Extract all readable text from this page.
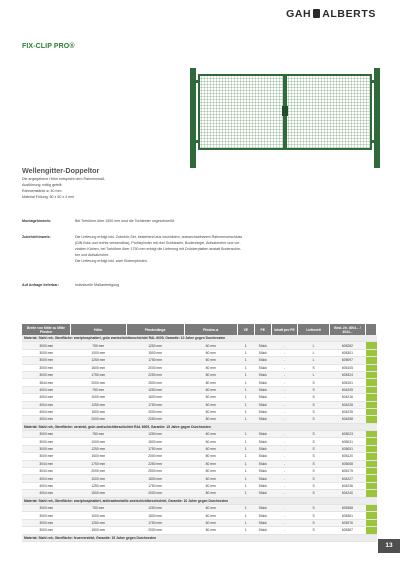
GAH ALBERTS
FIX-CLIP PRO®
Wellengitter-Doppeltor
Die angegebene Höhe entspricht dem Rahmenmaß.
Ausführung: mittig geteilt
Rahmenstärke ø: 40 mm
Material Füllung: 50 x 50 x 4 mm
Montagehinweis:	Bei Torhöhen über 1500 mm sind die Torbänder ungeschweißt.
Zubehörhinweis:	Die Lieferung erfolgt inkl. Zubehör-Set, bestehend aus verzinktem, auswechselbarem Rahmenverschluss
(DIN links und rechts verwendbar), Profilzylinder mit drei Schlüsseln, Bodenriegel, Aufsatzrohre und ver-
zinkten Kloben, bei Torhöhen über 1750 mm erfolgt die Lieferung mit Drückerplatten anstatt Bodenschie-
ber und Aufsatzrohre.
Die Lieferung erfolgt inkl. zwei Klobenpfosten.
Auf Anfrage lieferbar:	Individuelle Maßanfertigung
Breite von Mitte zu Mitte Pfosten	Höhe	Pfostenlänge	Pfosten-ø	VE	PE	Inhalt pro PE	Lieferzeit	Best.-Nr. 4004... / 4044...	
Material: Stahl roh, Oberfläche: zweiphosphatiert, grün zweischichtbeschichtet RAL 6005, Garantie: 10 Jahre gegen Durchrosten									
3000 mm	750 mm	1250 mm	60 mm	1	Stück	-	L	605282	

3000 mm	1000 mm	1500 mm	60 mm	1	Stück	-	L	605301	

3000 mm	1250 mm	1750 mm	60 mm	1	Stück	-	L	605097	

3000 mm	1500 mm	2000 mm	80 mm	1	Stück	-	S	605105	

3000 mm	1750 mm	2250 mm	80 mm	1	Stück	-	L	605324	

3544 mm	2000 mm	2500 mm	80 mm	1	Stück	-	S	605151	

4004 mm	750 mm	1250 mm	60 mm	1	Stück	-	S	604205	

4004 mm	1000 mm	1500 mm	60 mm	1	Stück	-	S	604216	

4004 mm	1250 mm	1750 mm	60 mm	1	Stück	-	S	604228	

4004 mm	1500 mm	2000 mm	80 mm	1	Stück	-	S	604235	

4004 mm	2000 mm	2250 mm	80 mm	1	Stück	-	S	604258	

Material: Stahl roh, Oberfläche: verzinkt, grün zweischichtbeschichtet RAL 6005, Garantie: 15 Jahre gegen Durchrosten									
3000 mm	750 mm	1250 mm	60 mm	1	Stück	-	S	605023	

3000 mm	1000 mm	1500 mm	60 mm	1	Stück	-	S	605031	

3000 mm	1250 mm	1750 mm	60 mm	1	Stück	-	S	605051	

3000 mm	1500 mm	2000 mm	80 mm	1	Stück	-	S	605120	

3044 mm	1750 mm	2250 mm	80 mm	1	Stück	-	S	605058	

3044 mm	2000 mm	2500 mm	80 mm	1	Stück	-	S	605175	

4004 mm	1000 mm	1500 mm	60 mm	1	Stück	-	S	604227	

4004 mm	1250 mm	1750 mm	60 mm	1	Stück	-	S	604236	

4004 mm	1500 mm	2000 mm	80 mm	1	Stück	-	S	604240	

Material: Stahl roh, Oberfläche: zweiphosphatiert, anthrazitmetallic zweischichtbeschichtet, Garantie: 10 Jahre gegen Durchrosten									
3000 mm	750 mm	1250 mm	60 mm	1	Stück	-	S	605368	

3000 mm	1000 mm	1500 mm	60 mm	1	Stück	-	S	605361	

3000 mm	1250 mm	1750 mm	60 mm	1	Stück	-	S	605376	

3000 mm	1500 mm	2000 mm	80 mm	1	Stück	-	S	605387	

Material: Stahl roh, Oberfläche: feuerverzinkt, Garantie: 15 Jahre gegen Durchrosten									
13
